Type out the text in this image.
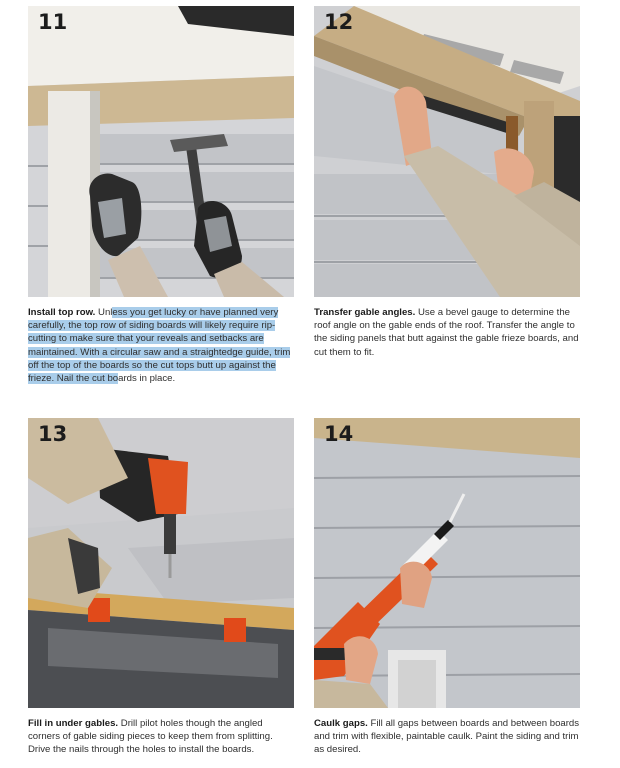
11
Install top row. Unless you get lucky or have planned very carefully, the top row of siding boards will likely require rip-cutting to make sure that your reveals and setbacks are maintained. With a circular saw and a straightedge guide, trim off the top of the boards so the cut tops butt up against the frieze. Nail the cut boards in place.
12
Transfer gable angles. Use a bevel gauge to determine the roof angle on the gable ends of the roof. Transfer the angle to the siding panels that butt against the gable frieze boards, and cut them to fit.
13
Fill in under gables. Drill pilot holes though the angled corners of gable siding pieces to keep them from splitting. Drive the nails through the holes to install the boards.
14
Caulk gaps. Fill all gaps between boards and between boards and trim with flexible, paintable caulk. Paint the siding and trim as desired.
